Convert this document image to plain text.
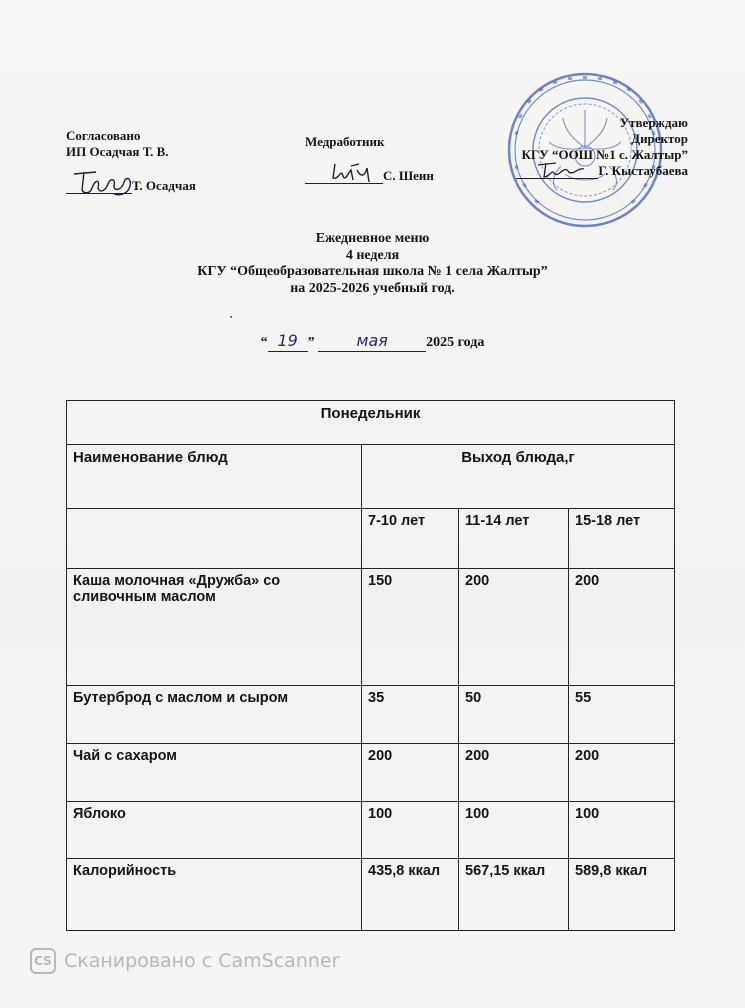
Согласовано
ИП Осадчая Т. В.
Т. Осадчая
Медработник
С. Шеин
Утверждаю
Директор
КГУ “ООШ №1 с. Жалтыр”
Г. Кыстаубаева
Ежедневное меню
4 неделя
КГУ “Общеобразовательная школа № 1 села Жалтыр”
на 2025-2026 учебный год.
“ 19 ”	мая	2025 года
Понедельник			
Наименование блюд	Выход блюда,г		
	7-10 лет	11-14 лет	15-18 лет
Каша молочная «Дружба» со сливочным маслом	150	200	200
Бутерброд с маслом и сыром	35	50	55
Чай с сахаром	200	200	200
Яблоко	100	100	100
Калорийность	435,8 ккал	567,15 ккал	589,8 ккал
CS Сканировано с CamScanner
